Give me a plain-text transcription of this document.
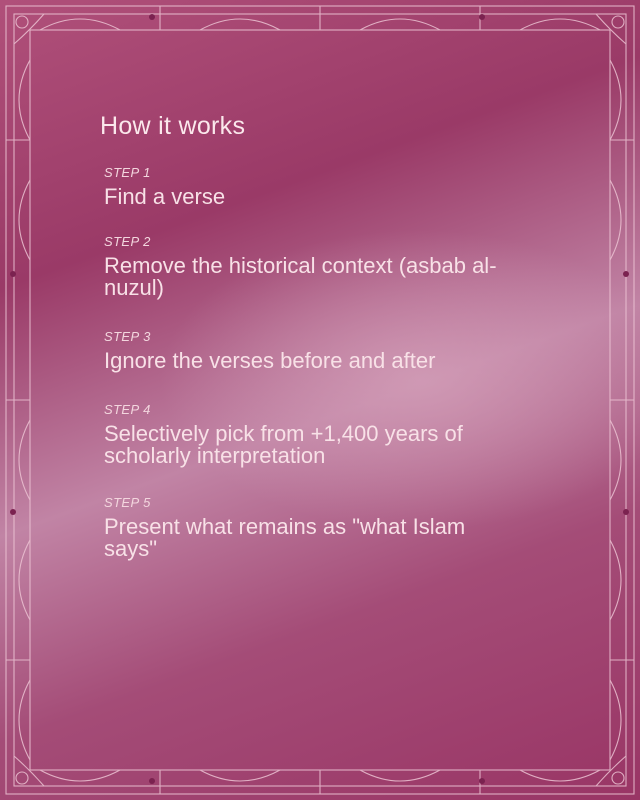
How it works
STEP 1
Find a verse
STEP 2
Remove the historical context (asbab al-nuzul)
STEP 3
Ignore the verses before and after
STEP 4
Selectively pick from +1,400 years of scholarly interpretation
STEP 5
Present what remains as "what Islam says"
